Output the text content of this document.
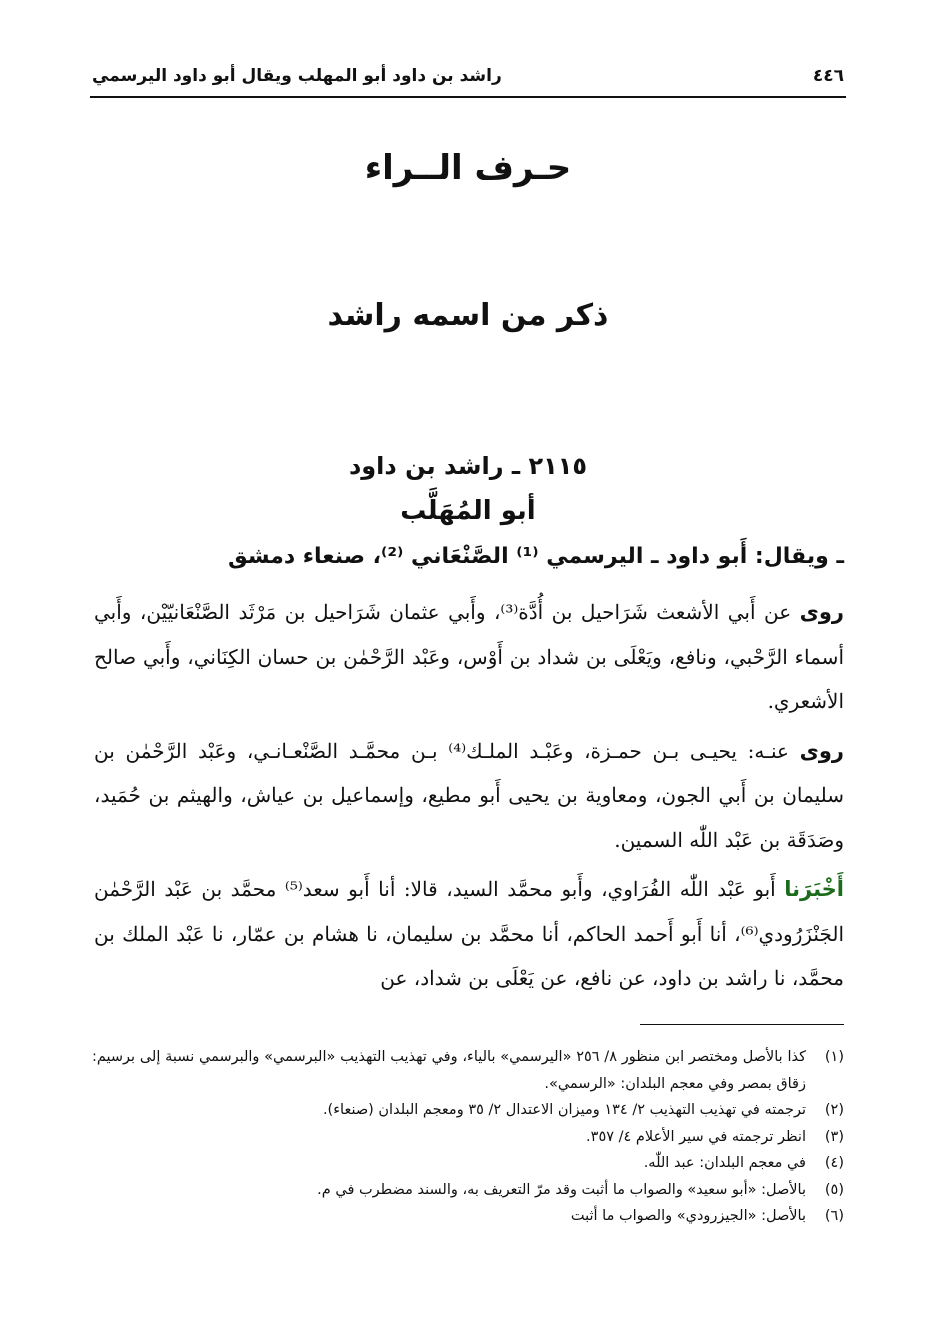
٤٤٦
راشد بن داود أبو المهلب ويقال أبو داود اليرسمي
حـرف الــراء
ذكر من اسمه راشد
٢١١٥ ـ راشد بن داود
أبو المُهَلَّب
ـ ويقال: أَبو داود ـ اليرسمي ⁽¹⁾ الصَّنْعَاني ⁽²⁾، صنعاء دمشق

روى عن أَبي الأشعث شَرَاحيل بن أُدَّة⁽³⁾، وأَبي عثمان شَرَاحيل بن مَرْثَد الصَّنْعَانيّيْن، وأَبي أسماء الرَّحْبي، ونافع، ويَعْلَى بن شداد بن أَوْس، وعَبْد الرَّحْمٰن بن حسان الكِنَاني، وأَبي صالح الأشعري.

روى عنـه: يحيـى بـن حمـزة، وعَبْـد الملـك⁽⁴⁾ بـن محمَّـد الصَّنْعـانـي، وعَبْد الرَّحْمٰن بن سليمان بن أَبي الجون، ومعاوية بن يحيى أَبو مطيع، وإسماعيل بن عياش، والهيثم بن حُمَيد، وصَدَقَة بن عَبْد اللّٰه السمين.

أَخْبَرَنا أَبو عَبْد اللّٰه الفُرَاوي، وأَبو محمَّد السيد، قالا: أنا أَبو سعد⁽⁵⁾ محمَّد بن عَبْد الرَّحْمٰن الجَنْزَرُودي⁽⁶⁾، أنا أَبو أَحمد الحاكم، أنا محمَّد بن سليمان، نا هشام بن عمّار، نا عَبْد الملك بن محمَّد، نا راشد بن داود، عن نافع، عن يَعْلَى بن شداد، عن

(١)
كذا بالأصل ومختصر ابن منظور ٨/ ٢٥٦ «اليرسمي» بالياء، وفي تهذيب التهذيب «البرسمي» والبرسمي نسبة إلى برسيم: زقاق بمصر وفي معجم البلدان: «الرسمي».
(٢)
ترجمته في تهذيب التهذيب ٢/ ١٣٤ وميزان الاعتدال ٢/ ٣٥ ومعجم البلدان (صنعاء).
(٣)
انظر ترجمته في سير الأعلام ٤/ ٣٥٧.
(٤)
في معجم البلدان: عبد اللّٰه.
(٥)
بالأصل: «أبو سعيد» والصواب ما أثبت وقد مرّ التعريف به، والسند مضطرب في م.
(٦)
بالأصل: «الجيزرودي» والصواب ما أثبت
